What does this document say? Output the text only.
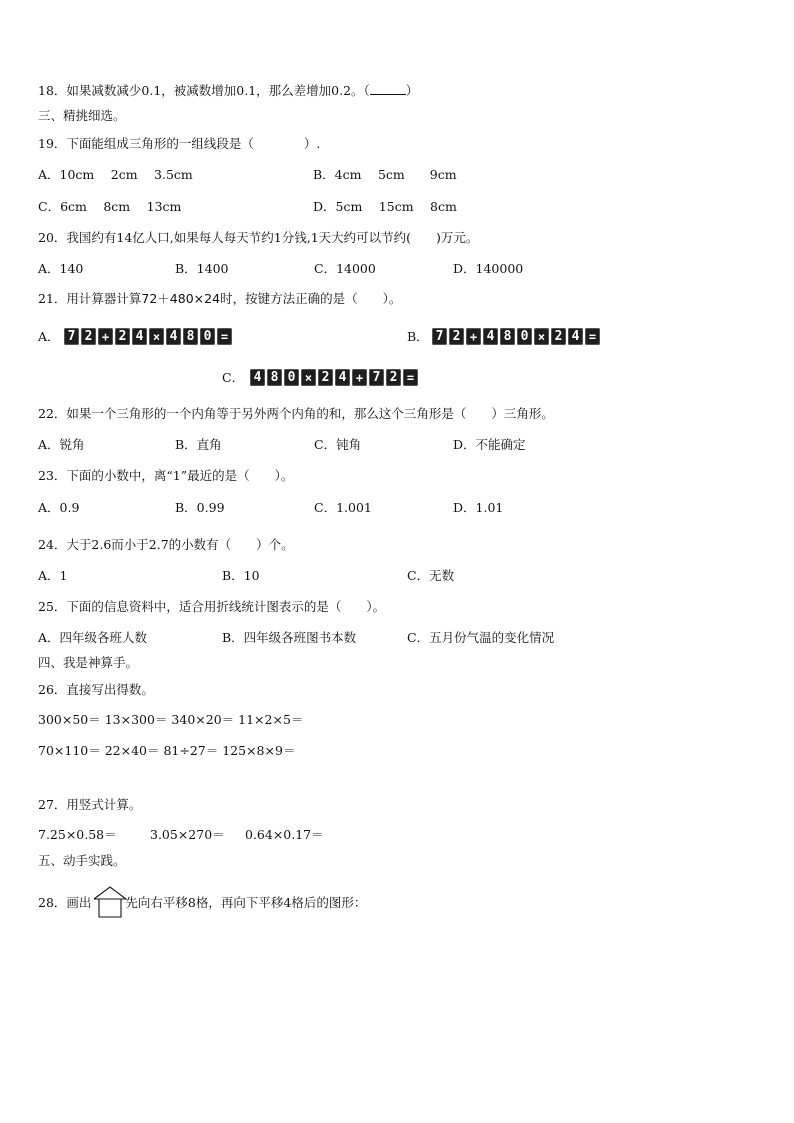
18．如果减数减少0.1，被减数增加0.1，那么差增加0.2。（	）
三、精挑细选。
19．下面能组成三角形的一组线段是（　　　　）.
A．10cm　 2cm　 3.5cm	B．4cm　 5cm　　9cm
C．6cm　 8cm　 13cm	D．5cm　 15cm　 8cm
20．我国约有14亿人口,如果每人每天节约1分钱,1天大约可以节约(　　)万元。
A．140	B．1400	C．14000	D．140000
21．用计算器计算72＋480×24时，按键方法正确的是（　　）。
A． 7 2 + 2 4 × 4 8 0 =	B． 7 2 + 4 8 0 × 2 4 =
C． 4 8 0 × 2 4 + 7 2 =
22．如果一个三角形的一个内角等于另外两个内角的和，那么这个三角形是（　　）三角形。
A．锐角	B．直角	C．钝角	D．不能确定
23．下面的小数中，离“1”最近的是（　　）。
A．0.9	B．0.99	C．1.001	D．1.01
24．大于2.6而小于2.7的小数有（　　）个。
A．1	B．10	C．无数
25．下面的信息资料中，适合用折线统计图表示的是（　　）。
A．四年级各班人数	B．四年级各班图书本数	C．五月份气温的变化情况
四、我是神算手。
26．直接写出得数。
300×50＝ 13×300＝ 340×20＝ 11×2×5＝
70×110＝ 22×40＝ 81÷27＝ 125×8×9＝
27．用竖式计算。
7.25×0.58＝	3.05×270＝ 0.64×0.17＝
五、动手实践。
28．画出	先向右平移8格，再向下平移4格后的图形：
